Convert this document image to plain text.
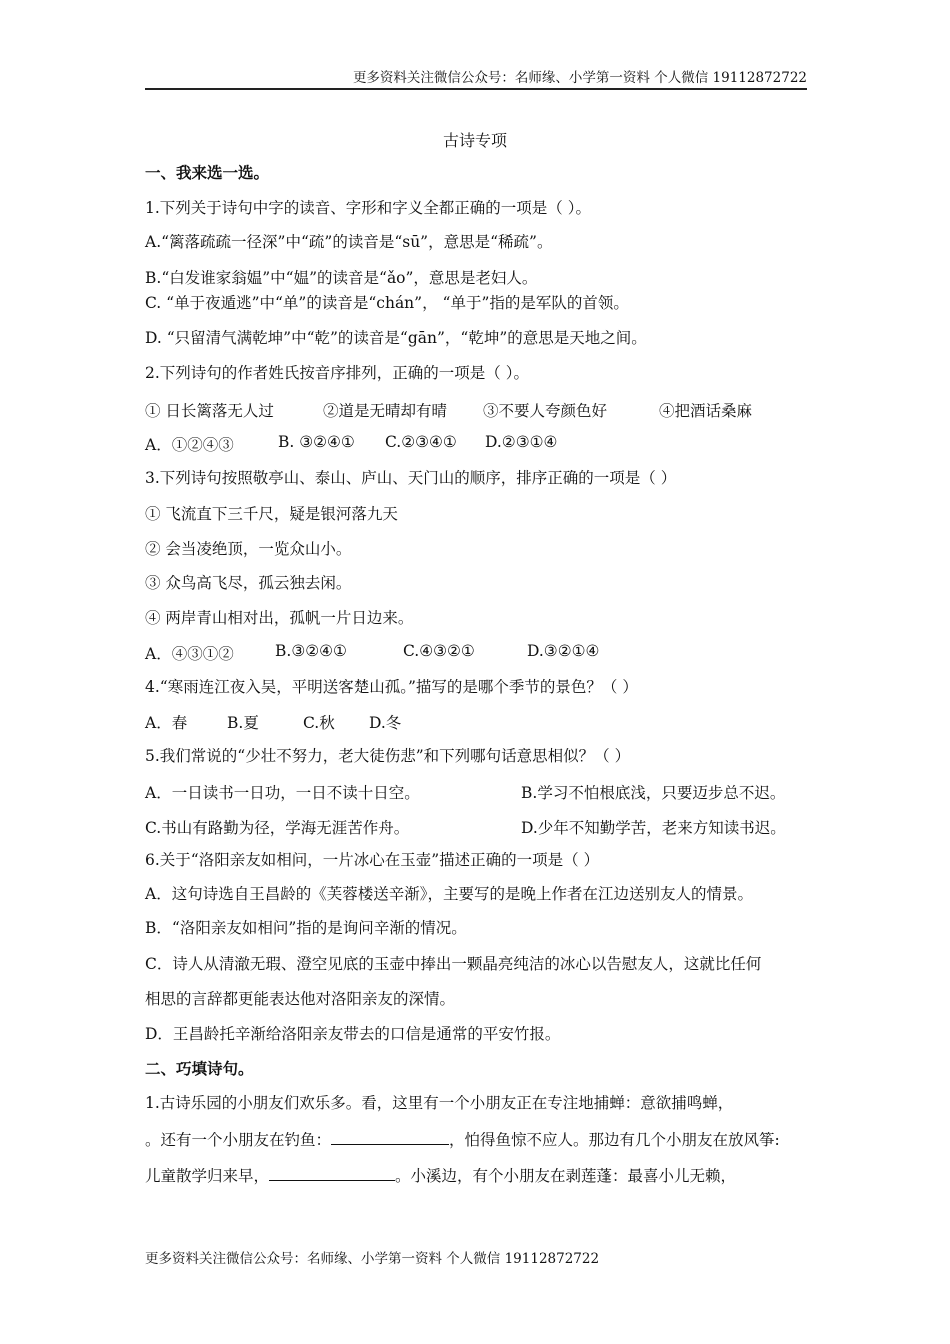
更多资料关注微信公众号：名师缘、小学第一资料 个人微信 19112872722
古诗专项
一、我来选一选。
1.下列关于诗句中字的读音、字形和字义全都正确的一项是（ ）。
A.“篱落疏疏一径深”中“疏”的读音是“sū”，意思是“稀疏”。
B.“白发谁家翁媪”中“媪”的读音是“ǎo”，意思是老妇人。
C. “单于夜遁逃”中“单”的读音是“chán”， “单于”指的是军队的首领。
D. “只留清气满乾坤”中“乾”的读音是“gān”，“乾坤”的意思是天地之间。
2.下列诗句的作者姓氏按音序排列，正确的一项是（ ）。
① 日长篱落无人过	②道是无晴却有晴 ③不要人夸颜色好	④把酒话桑麻
A．①②④③	B. ③②④① C.②③④① D.②③①④
3.下列诗句按照敬亭山、泰山、庐山、天门山的顺序，排序正确的一项是（ ）
① 飞流直下三千尺，疑是银河落九天
② 会当凌绝顶，一览众山小。
③ 众鸟高飞尽，孤云独去闲。
④ 两岸青山相对出，孤帆一片日边来。
A．④③①②	B.③②④①	C.④③②①	D.③②①④
4.“寒雨连江夜入吴，平明送客楚山孤。”描写的是哪个季节的景色？（ ）
A．春	B.夏	C.秋 D.冬
5.我们常说的“少壮不努力，老大徒伤悲”和下列哪句话意思相似？（ ）
A．一日读书一日功，一日不读十日空。	B.学习不怕根底浅，只要迈步总不迟。
C.书山有路勤为径，学海无涯苦作舟。	D.少年不知勤学苦，老来方知读书迟。
6.关于“洛阳亲友如相问，一片冰心在玉壶”描述正确的一项是（ ）
A．这句诗选自王昌龄的《芙蓉楼送辛渐》，主要写的是晚上作者在江边送别友人的情景。
B．“洛阳亲友如相问”指的是询问辛渐的情况。
C．诗人从清澈无瑕、澄空见底的玉壶中捧出一颗晶亮纯洁的冰心以告慰友人，这就比任何
相思的言辞都更能表达他对洛阳亲友的深情。
D．王昌龄托辛渐给洛阳亲友带去的口信是通常的平安竹报。
二、巧填诗句。
1.古诗乐园的小朋友们欢乐多。看，这里有一个小朋友正在专注地捕蝉：意欲捕鸣蝉，
。还有一个小朋友在钓鱼：	，怕得鱼惊不应人。那边有几个小朋友在放风筝:
儿童散学归来早，	。小溪边，有个小朋友在剥莲蓬：最喜小儿无赖，
更多资料关注微信公众号：名师缘、小学第一资料 个人微信 19112872722
